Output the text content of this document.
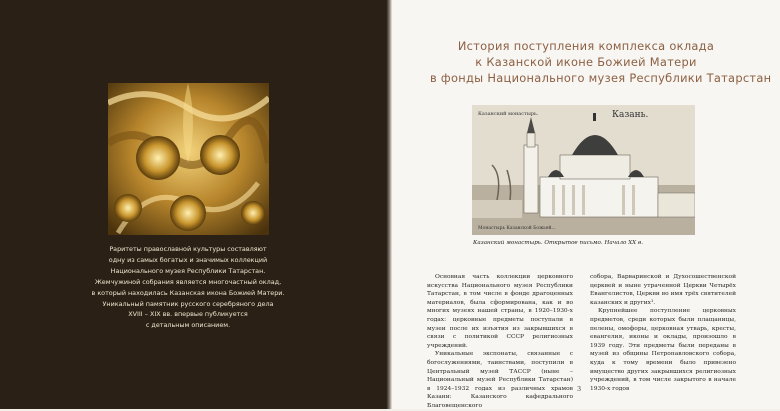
Раритеты православной культуры составляют
одну из самых богатых и значимых коллекций
Национального музея Республики Татарстан.
Жемчужиной собрания является многочастный оклад,
в который находилась Казанская икона Божией Матери.
Уникальный памятник русского серебряного дела
XVIII – XIX вв. впервые публикуется
с детальным описанием.
История поступления комплекса оклада
к Казанской иконе Божией Матери
в фонды Национального музея Республики Татарстан
Казанский монастырь.	Казань.
Монастырь Казанской Божьей...
Казанский монастырь. Открытое письмо. Начало XX в.

Основная часть коллекции церковного искусства Национального музея Республики Татарстан, в том числе в фонде драгоценных материалов, была сформирована, как и во многих музеях нашей страны, в 1920–1930-х годах: церковные предметы поступали в музеи после их изъятия из закрывшихся в связи с политикой СССР религиозных учреждений.

Уникальные экспонаты, связанные с богослужениями, таинствами, поступили в Центральный музей ТАССР (ныне – Национальный музей Республики Татарстан) в 1924–1932 годах из различных храмов Казани: Казанского кафедрального Благовещенского

собора, Варваринской и Духосошественской церквей и ныне утраченной Церкви Четырёх Евангелистов, Церкви во имя трёх святителей казанских и других¹.

Крупнейшее поступление церковных предметов, среди которых были плащаницы, пелены, омофоры, церковная утварь, кресты, евангелия, иконы и оклады, произошло в 1939 году. Эти предметы были переданы в музей из общины Петропавловского собора, куда к тому времени было привезено имущество других закрывшихся религиозных учреждений, в том числе закрытого в начале 1930-х годов

3
